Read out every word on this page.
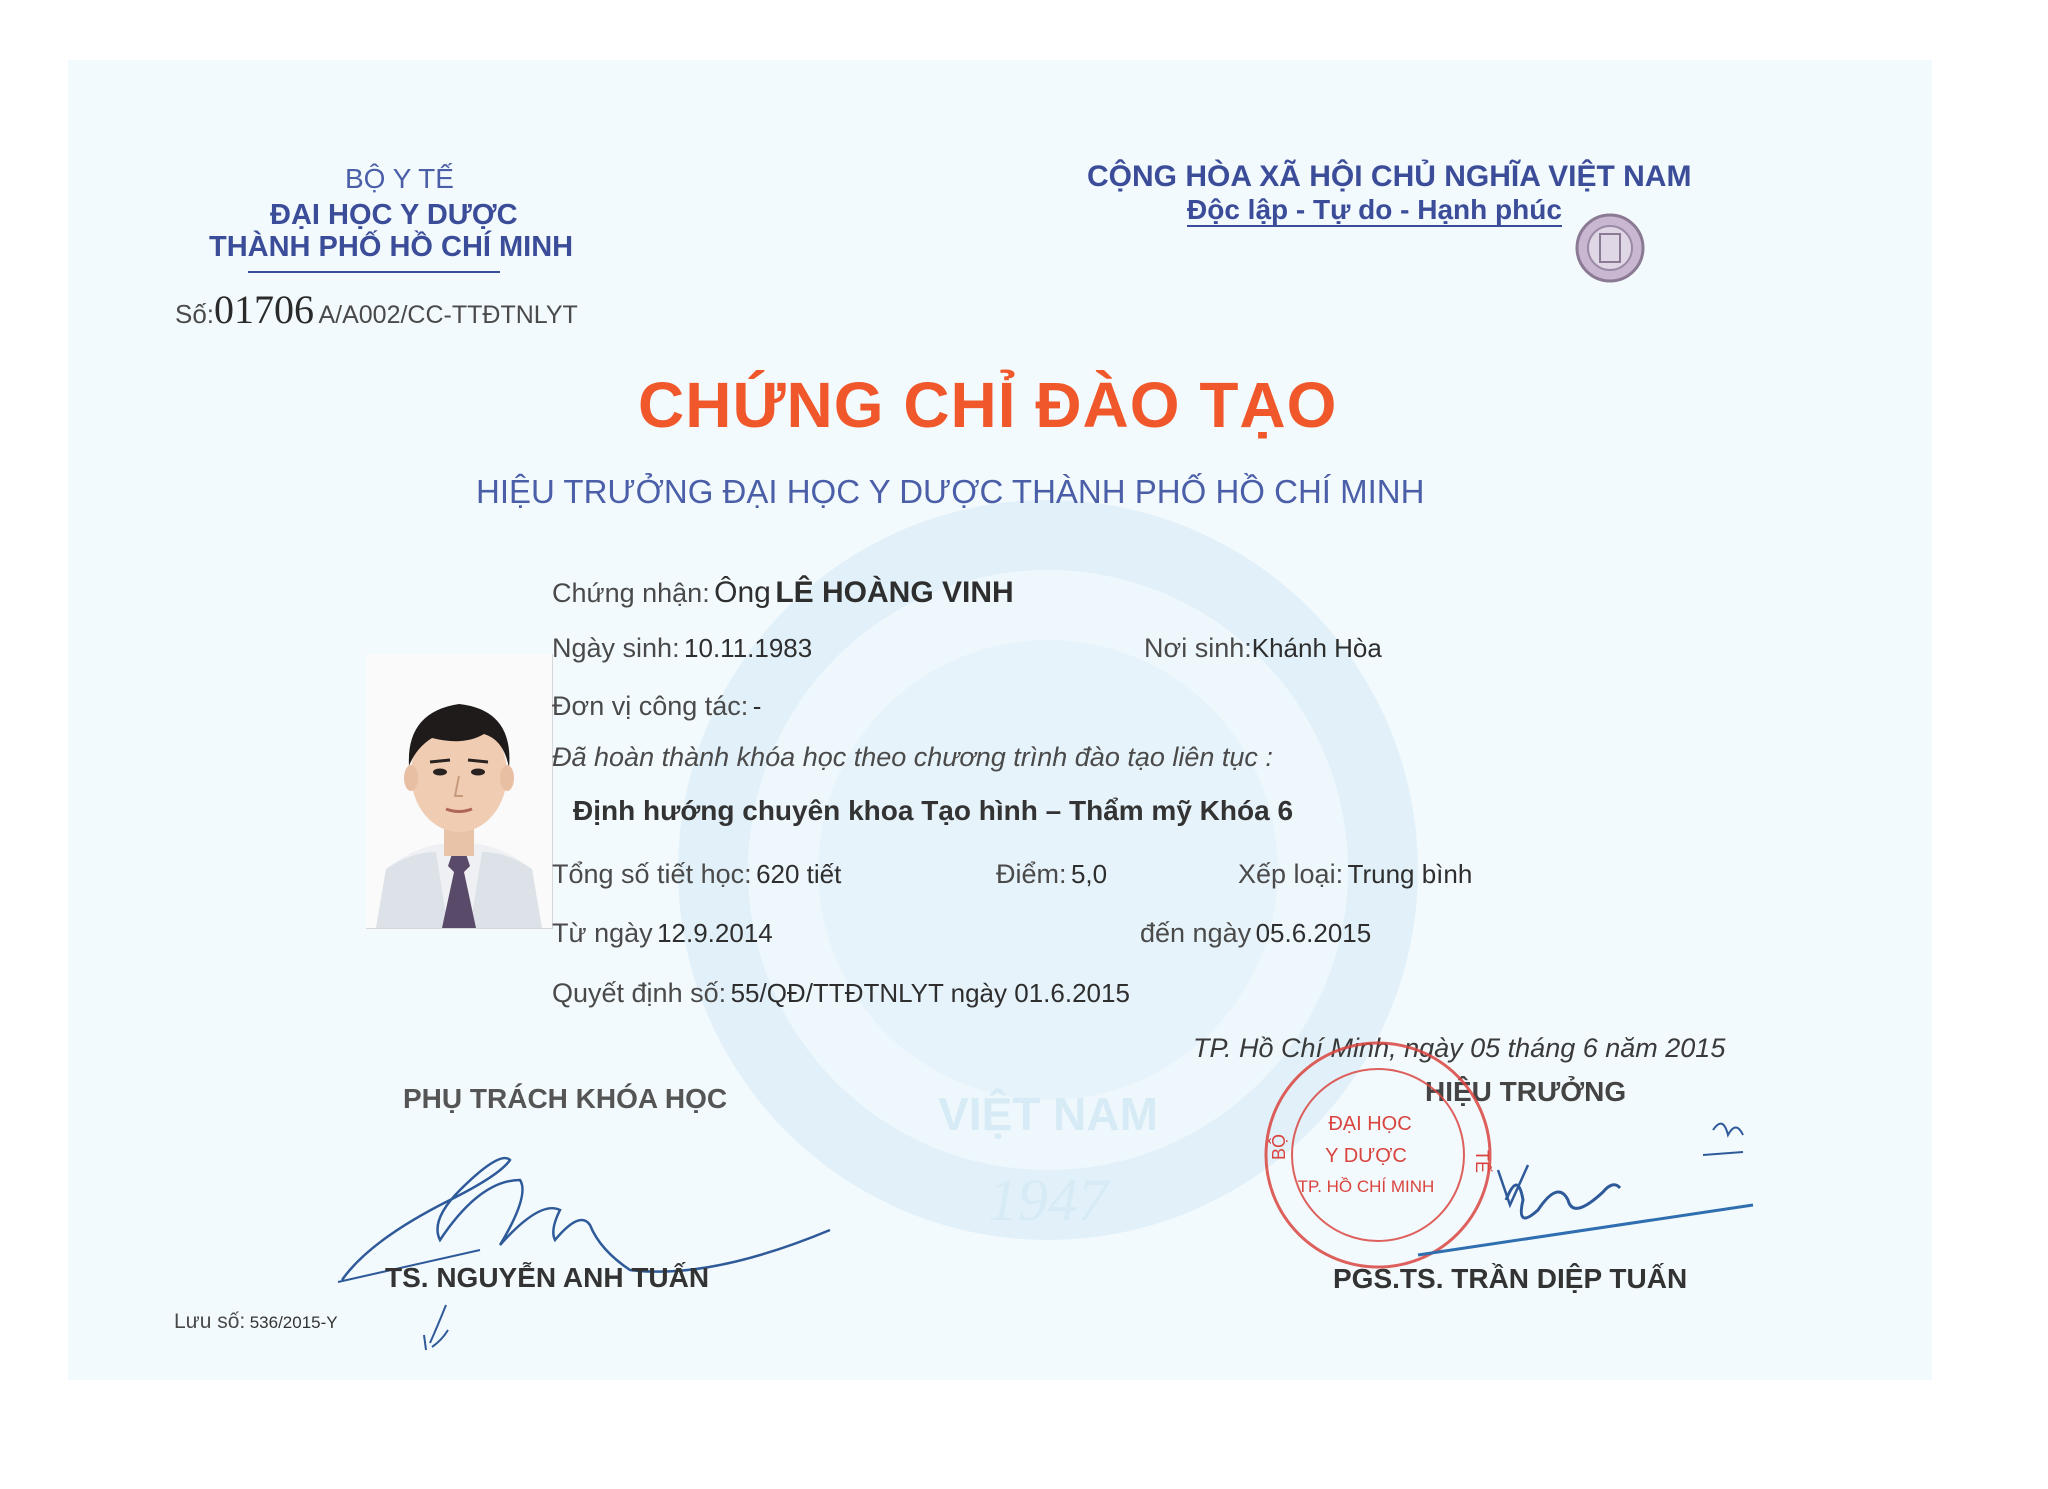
VIỆT NAM
1947
BỘ Y TẾ
ĐẠI HỌC Y DƯỢC
THÀNH PHỐ HỒ CHÍ MINH
Số:01706 A/A002/CC-TTĐTNLYT
CỘNG HÒA XÃ HỘI CHỦ NGHĨA VIỆT NAM
Độc lập - Tự do - Hạnh phúc
CHỨNG CHỈ ĐÀO TẠO
HIỆU TRƯỞNG ĐẠI HỌC Y DƯỢC THÀNH PHỐ HỒ CHÍ MINH
Chứng nhận: Ông LÊ HOÀNG VINH
Ngày sinh: 10.11.1983	Nơi sinh:Khánh Hòa
Đơn vị công tác: -
Đã hoàn thành khóa học theo chương trình đào tạo liên tục :
Định hướng chuyên khoa Tạo hình – Thẩm mỹ Khóa 6
Tổng số tiết học: 620 tiết	Điểm: 5,0	Xếp loại: Trung bình
Từ ngày 12.9.2014	đến ngày 05.6.2015
Quyết định số: 55/QĐ/TTĐTNLYT ngày 01.6.2015
TP. Hồ Chí Minh, ngày 05 tháng 6 năm 2015
PHỤ TRÁCH KHÓA HỌC
TS. NGUYỄN ANH TUẤN
HIỆU TRƯỞNG
BỘ
TẾ
ĐẠI HỌC
Y DƯỢC
TP. HỒ CHÍ MINH
PGS.TS. TRẦN DIỆP TUẤN
Lưu số: 536/2015-Y
